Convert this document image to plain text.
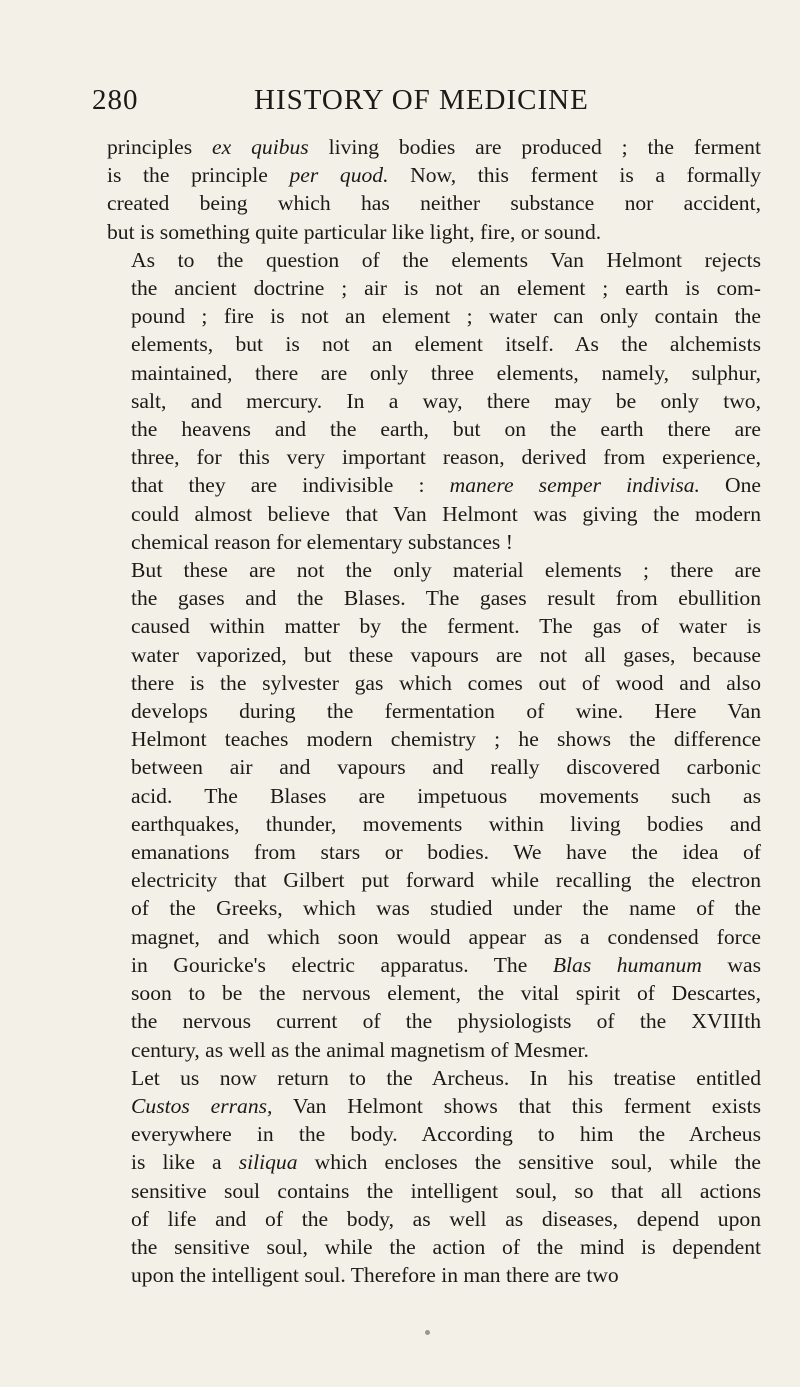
280	HISTORY OF MEDICINE
principles ex quibus living bodies are produced ; the ferment
is the principle per quod. Now, this ferment is a formally
created being which has neither substance nor accident,
but is something quite particular like light, fire, or sound.
As to the question of the elements Van Helmont rejects
the ancient doctrine ; air is not an element ; earth is com-
pound ; fire is not an element ; water can only contain the
elements, but is not an element itself. As the alchemists
maintained, there are only three elements, namely, sulphur,
salt, and mercury. In a way, there may be only two,
the heavens and the earth, but on the earth there are
three, for this very important reason, derived from experience,
that they are indivisible : manere semper indivisa. One
could almost believe that Van Helmont was giving the modern
chemical reason for elementary substances !
But these are not the only material elements ; there are
the gases and the Blases. The gases result from ebullition
caused within matter by the ferment. The gas of water is
water vaporized, but these vapours are not all gases, because
there is the sylvester gas which comes out of wood and also
develops during the fermentation of wine. Here Van
Helmont teaches modern chemistry ; he shows the difference
between air and vapours and really discovered carbonic
acid. The Blases are impetuous movements such as
earthquakes, thunder, movements within living bodies and
emanations from stars or bodies. We have the idea of
electricity that Gilbert put forward while recalling the electron
of the Greeks, which was studied under the name of the
magnet, and which soon would appear as a condensed force
in Gouricke's electric apparatus. The Blas humanum was
soon to be the nervous element, the vital spirit of Descartes,
the nervous current of the physiologists of the XVIIIth
century, as well as the animal magnetism of Mesmer.
Let us now return to the Archeus. In his treatise entitled
Custos errans, Van Helmont shows that this ferment exists
everywhere in the body. According to him the Archeus
is like a siliqua which encloses the sensitive soul, while the
sensitive soul contains the intelligent soul, so that all actions
of life and of the body, as well as diseases, depend upon
the sensitive soul, while the action of the mind is dependent
upon the intelligent soul. Therefore in man there are two
